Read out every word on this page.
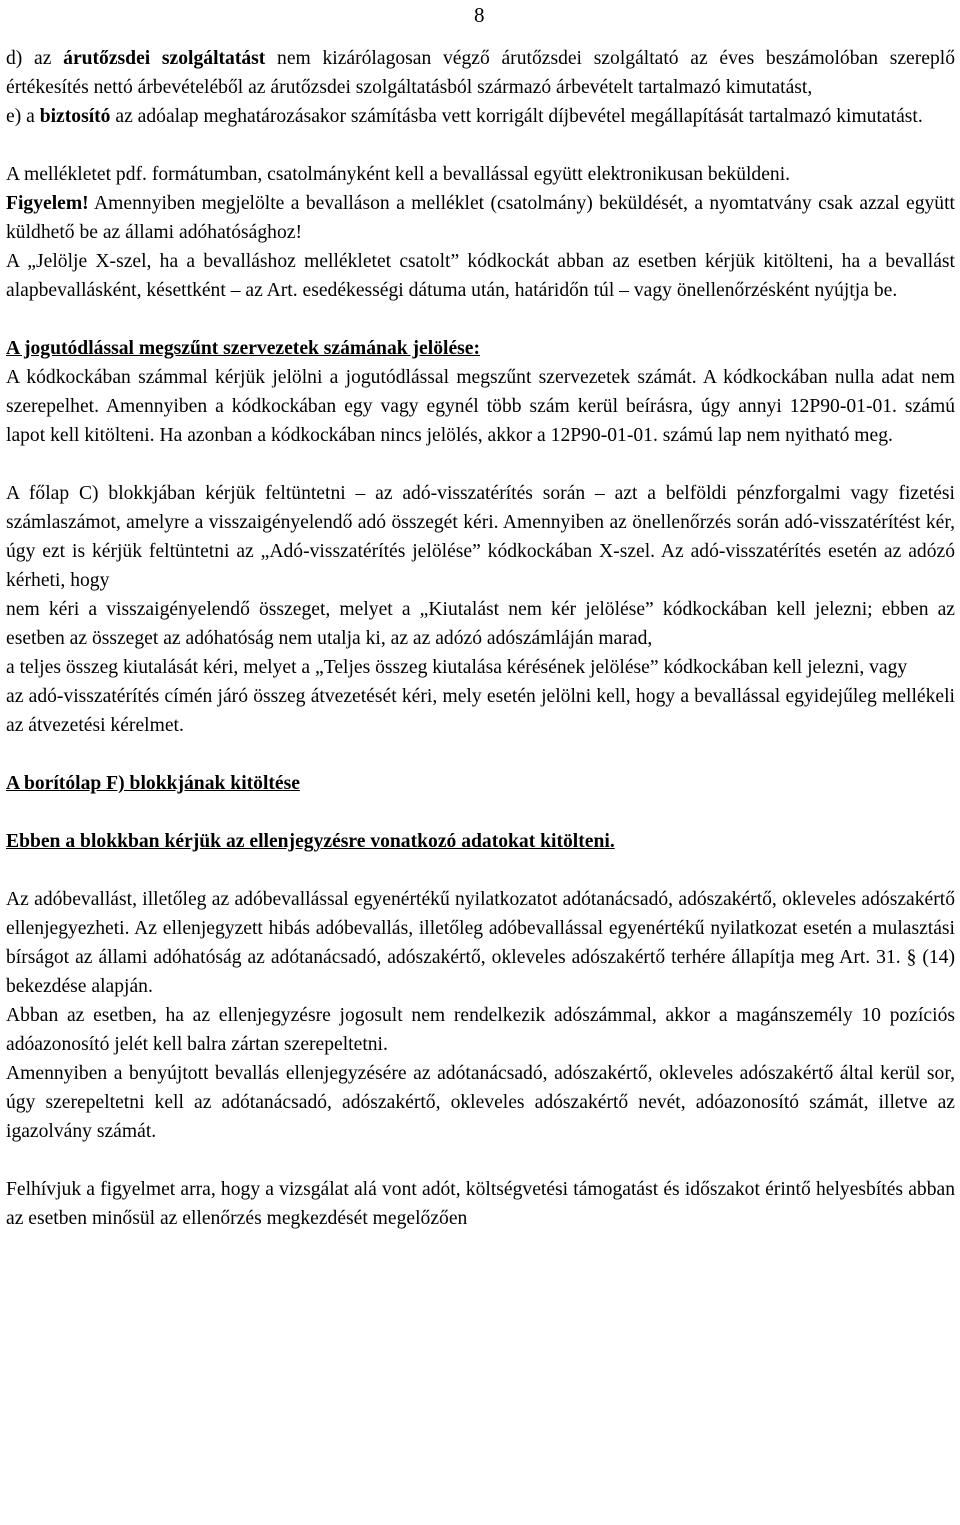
8

d) az árutőzsdei szolgáltatást nem kizárólagosan végző árutőzsdei szolgáltató az éves beszámolóban szereplő értékesítés nettó árbevételéből az árutőzsdei szolgáltatásból származó árbevételt tartalmazó kimutatást,

e) a biztosító az adóalap meghatározásakor számításba vett korrigált díjbevétel megállapítását tartalmazó kimutatást.

A mellékletet pdf. formátumban, csatolmányként kell a bevallással együtt elektronikusan beküldeni.

Figyelem! Amennyiben megjelölte a bevalláson a melléklet (csatolmány) beküldését, a nyomtatvány csak azzal együtt küldhető be az állami adóhatósághoz!

A „Jelölje X-szel, ha a bevalláshoz mellékletet csatolt” kódkockát abban az esetben kérjük kitölteni, ha a bevallást alapbevallásként, késettként ‒ az Art. esedékességi dátuma után, határidőn túl ‒ vagy önellenőrzésként nyújtja be.

A jogutódlással megszűnt szervezetek számának jelölése:

A kódkockában számmal kérjük jelölni a jogutódlással megszűnt szervezetek számát. A kódkockában nulla adat nem szerepelhet. Amennyiben a kódkockában egy vagy egynél több szám kerül beírásra, úgy annyi 12P90-01-01. számú lapot kell kitölteni. Ha azonban a kódkockában nincs jelölés, akkor a 12P90-01-01. számú lap nem nyitható meg.

A főlap C) blokkjában kérjük feltüntetni ‒ az adó-visszatérítés során ‒ azt a belföldi pénzforgalmi vagy fizetési számlaszámot, amelyre a visszaigényelendő adó összegét kéri. Amennyiben az önellenőrzés során adó-visszatérítést kér, úgy ezt is kérjük feltüntetni az „Adó-visszatérítés jelölése” kódkockában X-szel. Az adó-visszatérítés esetén az adózó kérheti, hogy

nem kéri a visszaigényelendő összeget, melyet a „Kiutalást nem kér jelölése” kódkockában kell jelezni; ebben az esetben az összeget az adóhatóság nem utalja ki, az az adózó adószámláján marad,

a teljes összeg kiutalását kéri, melyet a „Teljes összeg kiutalása kérésének jelölése” kódkockában kell jelezni, vagy

az adó-visszatérítés címén járó összeg átvezetését kéri, mely esetén jelölni kell, hogy a bevallással egyidejűleg mellékeli az átvezetési kérelmet.

A borítólap F) blokkjának kitöltése

Ebben a blokkban kérjük az ellenjegyzésre vonatkozó adatokat kitölteni.

Az adóbevallást, illetőleg az adóbevallással egyenértékű nyilatkozatot adótanácsadó, adószakértő, okleveles adószakértő ellenjegyezheti. Az ellenjegyzett hibás adóbevallás, illetőleg adóbevallással egyenértékű nyilatkozat esetén a mulasztási bírságot az állami adóhatóság az adótanácsadó, adószakértő, okleveles adószakértő terhére állapítja meg Art. 31. § (14) bekezdése alapján.

Abban az esetben, ha az ellenjegyzésre jogosult nem rendelkezik adószámmal, akkor a magánszemély 10 pozíciós adóazonosító jelét kell balra zártan szerepeltetni.

Amennyiben a benyújtott bevallás ellenjegyzésére az adótanácsadó, adószakértő, okleveles adószakértő által kerül sor, úgy szerepeltetni kell az adótanácsadó, adószakértő, okleveles adószakértő nevét, adóazonosító számát, illetve az igazolvány számát.

Felhívjuk a figyelmet arra, hogy a vizsgálat alá vont adót, költségvetési támogatást és időszakot érintő helyesbítés abban az esetben minősül az ellenőrzés megkezdését megelőzően
